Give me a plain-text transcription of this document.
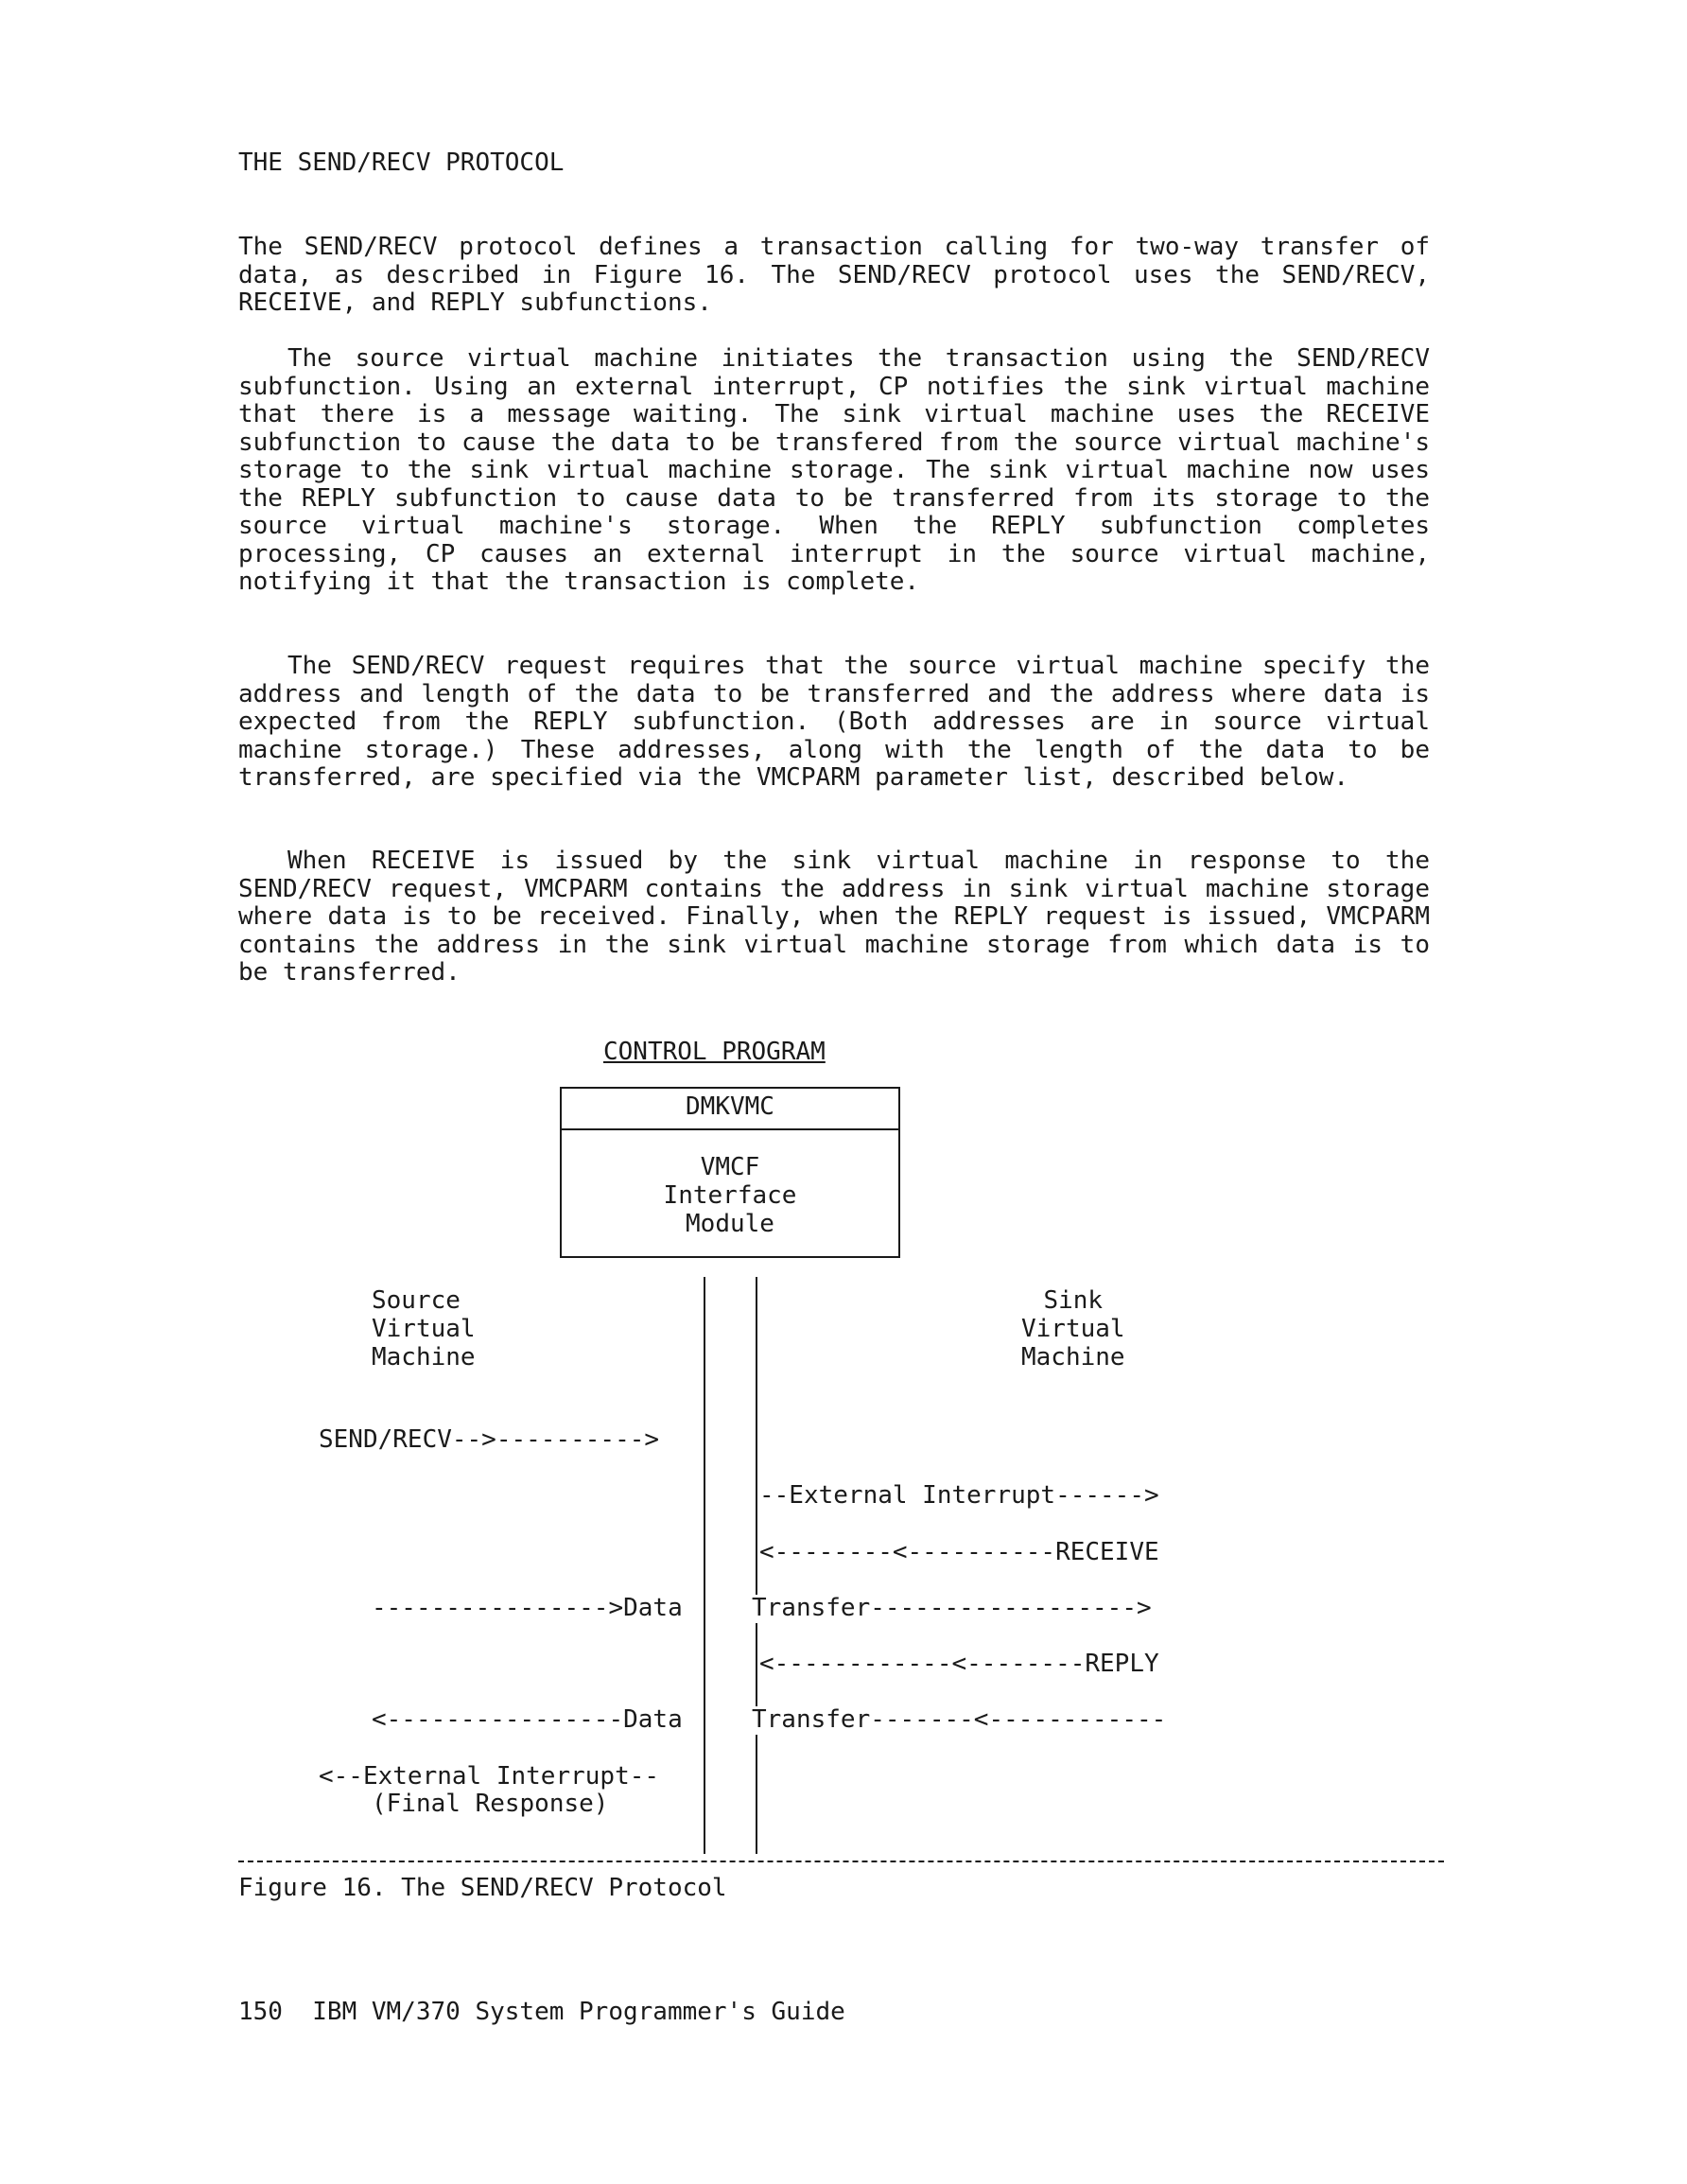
THE SEND/RECV PROTOCOL
The SEND/RECV protocol defines a transaction calling for two-way transfer of data, as described in Figure 16. The SEND/RECV protocol uses the SEND/RECV, RECEIVE, and REPLY subfunctions.
The source virtual machine initiates the transaction using the SEND/RECV subfunction. Using an external interrupt, CP notifies the sink virtual machine that there is a message waiting. The sink virtual machine uses the RECEIVE subfunction to cause the data to be transfered from the source virtual machine's storage to the sink virtual machine storage. The sink virtual machine now uses the REPLY subfunction to cause data to be transferred from its storage to the source virtual machine's storage. When the REPLY subfunction completes processing, CP causes an external interrupt in the source virtual machine, notifying it that the transaction is complete.
The SEND/RECV request requires that the source virtual machine specify the address and length of the data to be transferred and the address where data is expected from the REPLY subfunction. (Both addresses are in source virtual machine storage.) These addresses, along with the length of the data to be transferred, are specified via the VMCPARM parameter list, described below.
When RECEIVE is issued by the sink virtual machine in response to the SEND/RECV request, VMCPARM contains the address in sink virtual machine storage where data is to be received. Finally, when the REPLY request is issued, VMCPARM contains the address in the sink virtual machine storage from which data is to be transferred.
CONTROL PROGRAM
DMKVMC
VMCF
Interface
Module
Source
Virtual
Machine
Sink
Virtual
Machine
SEND/RECV-->---------->
--External Interrupt------>
<--------<----------RECEIVE
---------------->Data	Transfer------------------>
<------------<--------REPLY
<----------------Data	Transfer-------<------------
<--External Interrupt--
(Final Response)
Figure 16. The SEND/RECV Protocol
150  IBM VM/370 System Programmer's Guide
